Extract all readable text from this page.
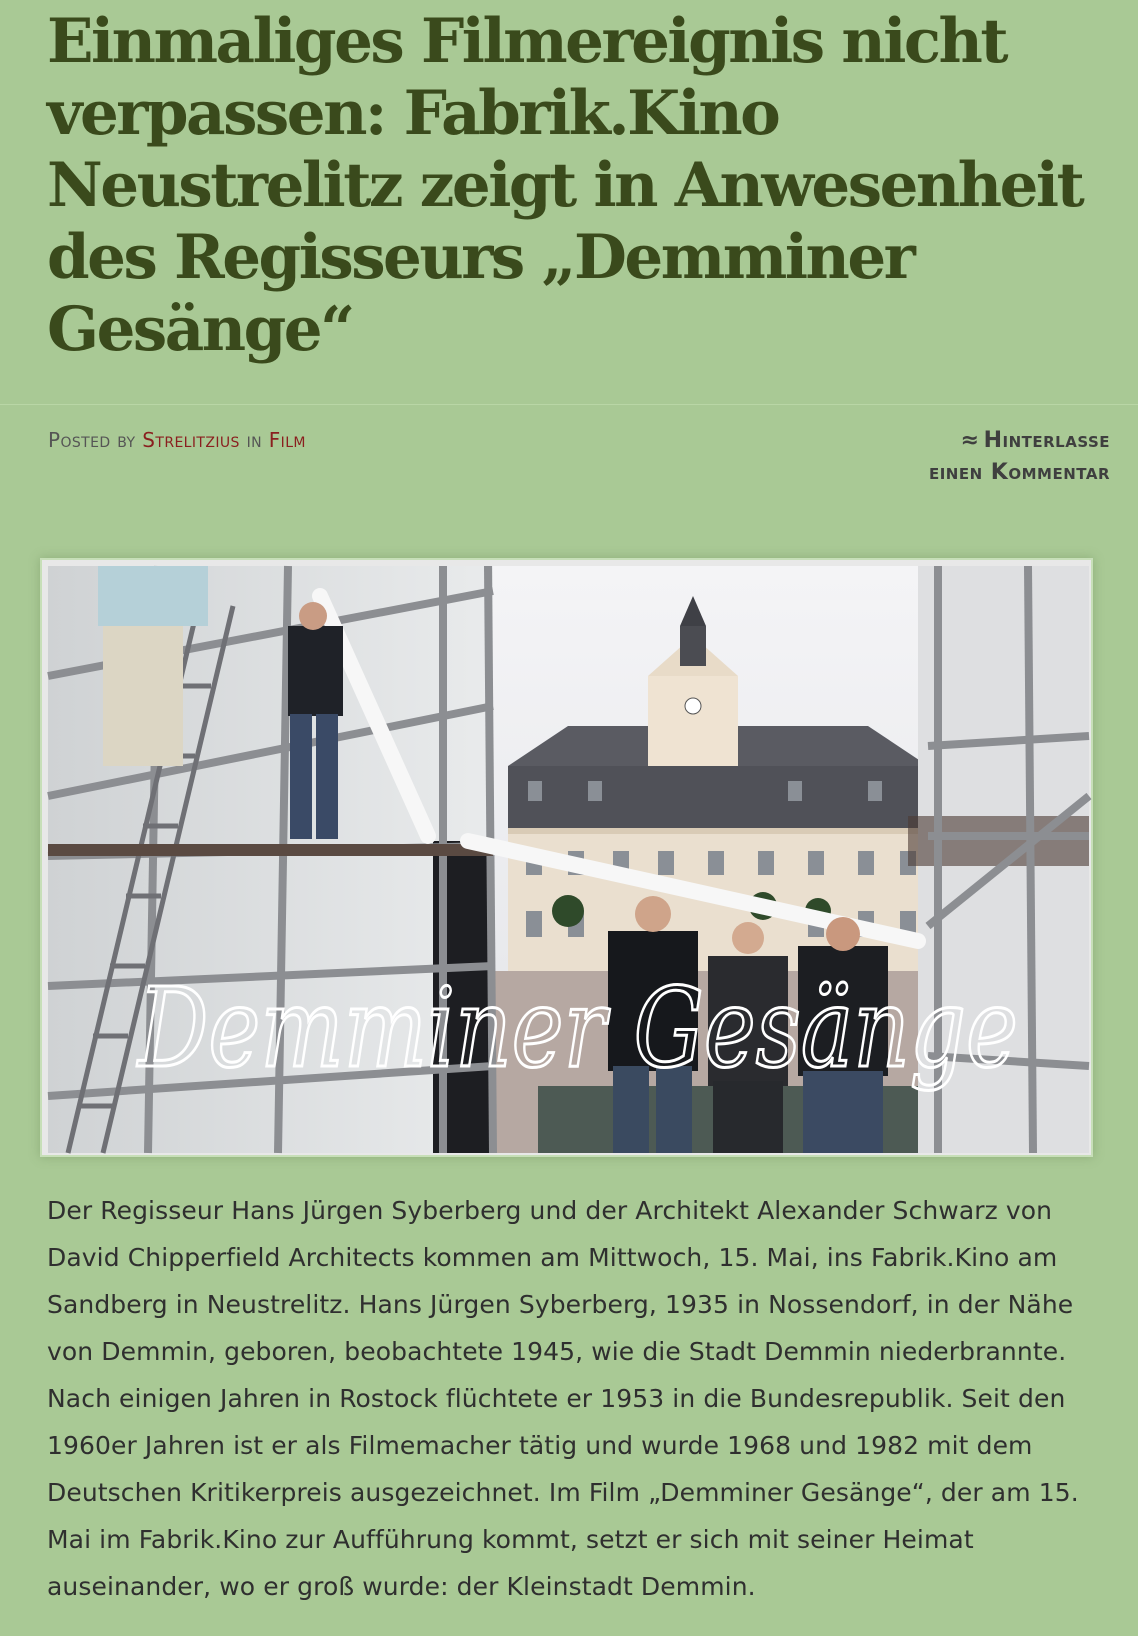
Einmaliges Filmereignis nicht verpassen: Fabrik.Kino Neustrelitz zeigt in Anwesenheit des Regisseurs „Demminer Gesänge“
Posted by Strelitzius in Film	≈ Hinterlasse
einen Kommentar
Demminer Gesänge

Der Regisseur Hans Jürgen Syberberg und der Architekt Alexander Schwarz von David Chipperfield Architects kommen am Mittwoch, 15. Mai, ins Fabrik.Kino am Sandberg in Neustrelitz. Hans Jürgen Syberberg, 1935 in Nossendorf, in der Nähe von Demmin, geboren, beobachtete 1945, wie die Stadt Demmin niederbrannte. Nach einigen Jahren in Rostock flüchtete er 1953 in die Bundesrepublik. Seit den 1960er Jahren ist er als Filmemacher tätig und wurde 1968 und 1982 mit dem Deutschen Kritikerpreis ausgezeichnet. Im Film „Demminer Gesänge“, der am 15. Mai im Fabrik.Kino zur Aufführung kommt, setzt er sich mit seiner Heimat auseinander, wo er groß wurde: der Kleinstadt Demmin.
